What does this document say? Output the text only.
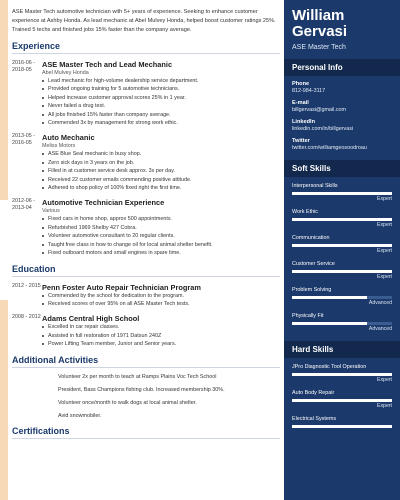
ASE Master Tech automotive technician with 5+ years of experience. Seeking to enhance customer experience at Ashby Honda. As lead mechanic at Abel Mulvey Honda, helped boost customer ratings 25%. Trained 5 techs and finished jobs 15% faster than the company average.

Experience
2016-06 - 2018-05
ASE Master Tech and Lead Mechanic
Abel Mulvey Honda
Lead mechanic for high-volume dealership service department.
Provided ongoing training for 5 automotive technicians.
Helped increase customer approval scores 25% in 1 year.
Never failed a drug test.
All jobs finished 15% faster than company average.
Commended 3x by management for strong work ethic.
2013-05 - 2016-05
Auto Mechanic
Meliss Motors
ASE Blue Seal mechanic in busy shop.
Zero sick days in 3 years on the job.
Filled in at customer service desk approx. 3x per day.
Received 22 customer emails commending positive attitude.
Adhered to shop policy of 100% fixed right the first time.
2012-06 - 2013-04
Automotive Technician Experience
Various
Fixed cars in home shop, approx 500 appointments.
Refurbished 1969 Shelby 427 Cobra.
Volunteer automotive consultant to 20 regular clients.
Taught free class in how to change oil for local animal shelter benefit.
Fixed outboard motors and small engines in spare time.
Education
2012 - 2015 Penn Foster Auto Repair Technician Program
Commended by the school for dedication to the program.
Received scores of over 95% on all ASE Master Tech tests.
2008 - 2012 Adams Central High School
Excelled in car repair classes.
Assisted in full restoration of 1971 Datsun 240Z
Power Lifting Team member, Junior and Senior years.
Additional Activities
Volunteer 2x per month to teach at Ramps Plains Voc Tech School
President, Bass Champions fishing club. Increased membership 30%.
Volunteer once/month to walk dogs at local animal shelter.
Avid snowmobiler.
Certifications
William
Gervasi
ASE Master Tech
Personal Info
Phone
812-984-3117
E-mail
billgervasi@gmail.com
LinkedIn
linkedin.com/in/billgervasi
Twitter
twitter.com/williamgeosoodroau
Soft Skills
Interpersonal Skills
Expert
Work Ethic
Expert
Communication
Expert
Customer Service
Expert
Problem Solving
Advanced
Physically Fit
Advanced
Hard Skills
JPro Diagnostic Tool Operation
Expert
Auto Body Repair
Expert
Electrical Systems
